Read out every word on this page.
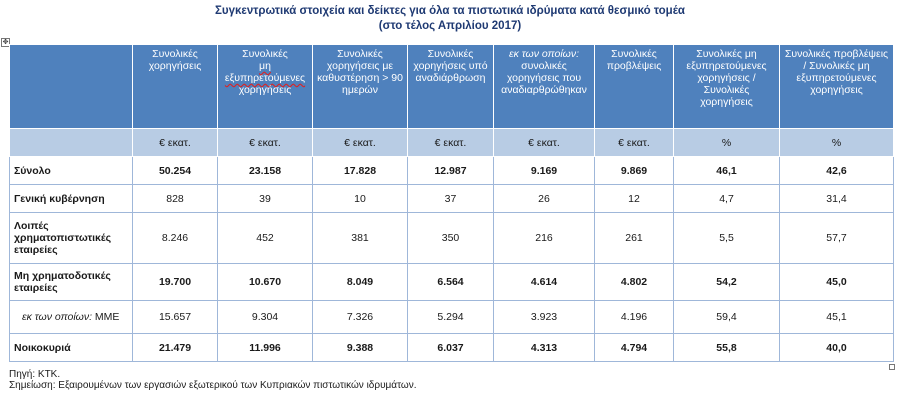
Συγκεντρωτικά στοιχεία και δείκτες για όλα τα πιστωτικά ιδρύματα κατά θεσμικό τομέα
(στο τέλος Απριλίου 2017)
✥
	Συνολικές χορηγήσεις	Συνολικές
μη εξυπηρετούμενες
χορηγήσεις	Συνολικές χορηγήσεις με καθυστέρηση > 90 ημερών	Συνολικές χορηγήσεις υπό αναδιάρθρωση	εκ των οποίων: συνολικές χορηγήσεις που αναδιαρθρώθηκαν	Συνολικές προβλέψεις	Συνολικές μη εξυπηρετούμενες χορηγήσεις / Συνολικές χορηγήσεις	Συνολικές προβλέψεις / Συνολικές μη εξυπηρετούμενες χορηγήσεις
	€ εκατ.	€ εκατ.	€ εκατ.	€ εκατ.	€ εκατ.	€ εκατ.	%	%
Σύνολο	50.254	23.158	17.828	12.987	9.169	9.869	46,1	42,6
Γενική κυβέρνηση	828	39	10	37	26	12	4,7	31,4
Λοιπές χρηματοπιστωτικές εταιρείες	8.246	452	381	350	216	261	5,5	57,7
Μη χρηματοδοτικές εταιρείες	19.700	10.670	8.049	6.564	4.614	4.802	54,2	45,0
εκ των οποίων: ΜΜΕ	15.657	9.304	7.326	5.294	3.923	4.196	59,4	45,1
Νοικοκυριά	21.479	11.996	9.388	6.037	4.313	4.794	55,8	40,0
Πηγή: ΚΤΚ.
Σημείωση: Εξαιρουμένων των εργασιών εξωτερικού των Κυπριακών πιστωτικών ιδρυμάτων.
